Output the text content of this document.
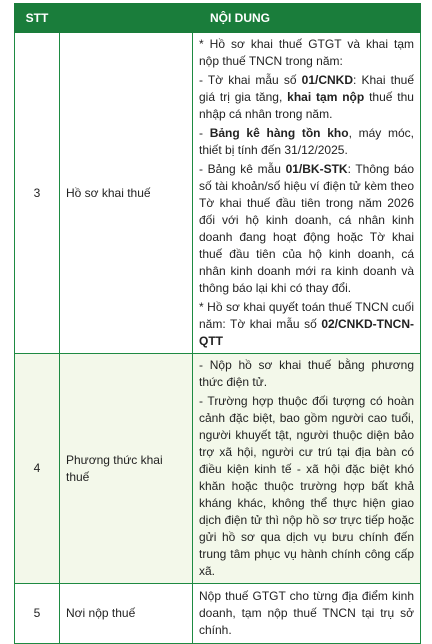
STT	NỘI DUNG	
3	Hồ sơ khai thuế	* Hồ sơ khai thuế GTGT và khai tạm nộp thuế TNCN trong năm:
- Tờ khai mẫu số 01/CNKD: Khai thuế giá trị gia tăng, khai tạm nộp thuế thu nhập cá nhân trong năm.
- Bảng kê hàng tồn kho, máy móc, thiết bị tính đến 31/12/2025.
- Bảng kê mẫu 01/BK-STK: Thông báo số tài khoản/số hiệu ví điện tử kèm theo Tờ khai thuế đầu tiên trong năm 2026 đối với hộ kinh doanh, cá nhân kinh doanh đang hoạt động hoặc Tờ khai thuế đầu tiên của hộ kinh doanh, cá nhân kinh doanh mới ra kinh doanh và thông báo lại khi có thay đổi.
* Hồ sơ khai quyết toán thuế TNCN cuối năm: Tờ khai mẫu số 02/CNKD-TNCN-QTT

4	Phương thức khai thuế	- Nộp hồ sơ khai thuế bằng phương thức điện tử.
- Trường hợp thuộc đối tượng có hoàn cảnh đặc biệt, bao gồm người cao tuổi, người khuyết tật, người thuộc diện bảo trợ xã hội, người cư trú tại địa bàn có điều kiện kinh tế - xã hội đặc biệt khó khăn hoặc thuộc trường hợp bất khả kháng khác, không thể thực hiện giao dịch điện tử thì nộp hồ sơ trực tiếp hoặc gửi hồ sơ qua dịch vụ bưu chính đến trung tâm phục vụ hành chính công cấp xã.

5	Nơi nộp thuế	Nộp thuế GTGT cho từng địa điểm kinh doanh, tạm nộp thuế TNCN tại trụ sở chính.
